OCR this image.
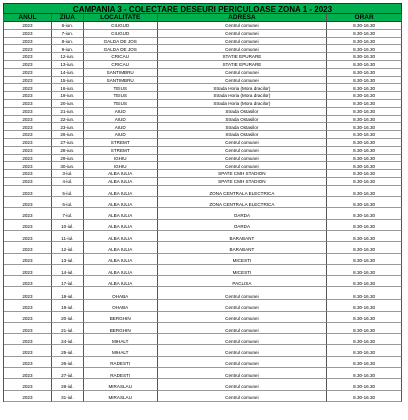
CAMPANIA 3 - COLECTARE DESEURI PERICULOASE ZONA 1 - 2023
ANUL	ZIUA	LOCALITATE	ADRESA	ORAR
2023	6-iun.	CIUGUD	Centrul comunei	8.30-16.30
2023	7-iun.	CIUGUD	Centrul comunei	8.30-16.30
2023	8-iun.	GALDA DE JOS	Centrul comunei	8.30-16.30
2023	9-iun.	GALDA DE JOS	Centrul comunei	8.30-16.30
2023	12-iun.	CRICAU	STATIE EPURARE	8.30-16.30
2023	13-iun.	CRICAU	STATIE EPURARE	8.30-16.30
2023	14-iun.	SANTIMBRU	Centrul comunei	8.30-16.30
2023	15-iun.	SANTIMBRU	Centrul comunei	8.30-16.30
2023	16-iun.	TEIUS	Strada Horia (Mora dracilor)	8.30-16.30
2023	19-iun.	TEIUS	Strada Horia (Mora dracilor)	8.30-16.30
2023	20-iun.	TEIUS	Strada Horia (Mora dracilor)	8.30-16.30
2023	21-iun.	AIUD	Strada Ostasilor	8.30-16.30
2023	22-iun.	AIUD	Strada Ostasilor	8.30-16.30
2023	23-iun.	AIUD	Strada Ostasilor	8.30-16.30
2023	26-iun.	AIUD	Strada Ostasilor	8.30-16.30
2023	27-iun.	STREMT	Centrul comunei	8.30-16.30
2023	28-iun.	STREMT	Centrul comunei	8.30-16.30
2023	29-iun.	IGHIU	Centrul comunei	8.30-16.30
2023	30-iun.	IGHIU	Centrul comunei	8.30-16.30
2023	3-iul.	ALBA IULIA	SPATE CMH STADION	8.30-16.30
2023	4-iul.	ALBA IULIA	SPATE CMH STADION	8.30-16.30
2023	5-iul.	ALBA IULIA	ZONA CENTRALA ELECTRICA	8.30-16.30
2023	6-iul.	ALBA IULIA	ZONA CENTRALA ELECTRICA	8.30-16.30
2023	7-iul.	ALBA IULIA	OARDA	8.30-16.30
2023	10-iul.	ALBA IULIA	OARDA	8.30-16.30
2023	11-iul.	ALBA IULIA	BARABANT	8.30-16.30
2023	12-iul.	ALBA IULIA	BARABANT	8.30-16.30
2023	13-iul.	ALBA IULIA	MICESTI	8.30-16.30
2023	14-iul.	ALBA IULIA	MICESTI	8.30-16.30
2023	17-iul.	ALBA IULIA	PACLISA	8.30-16.30
2023	18-iul.	OHABA	Centrul comunei	8.30-16.30
2023	19-iul.	OHABA	Centrul comunei	8.30-16.30
2023	20-iul.	BERGHIN	Centrul comunei	8.30-16.30
2023	21-iul.	BERGHIN	Centrul comunei	8.30-16.30
2023	24-iul.	MIHALT	Centrul comunei	8.30-16.30
2023	25-iul.	MIHALT	Centrul comunei	8.30-16.30
2023	26-iul.	RADESTI	Centrul comunei	8.30-16.30
2023	27-iul.	RADESTI	Centrul comunei	8.30-16.30
2023	28-iul.	MIRASLAU	Centrul comunei	8.30-16.30
2023	31-iul.	MIRASLAU	Centrul comunei	8.30-16.30
